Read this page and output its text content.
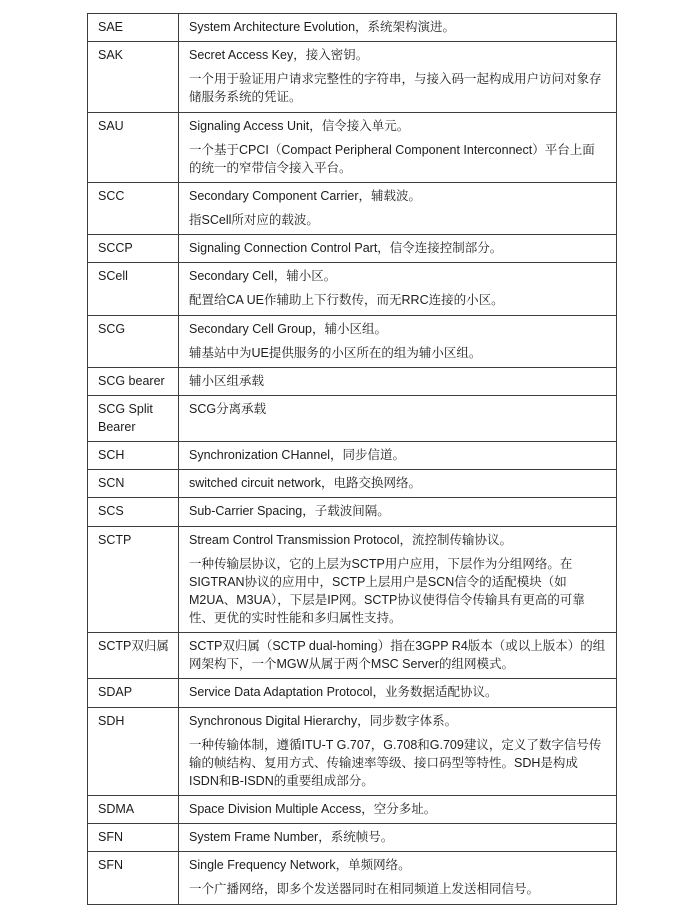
SAE	System Architecture Evolution，系统架构演进。

SAK	Secret Access Key，接入密钥。
一个用于验证用户请求完整性的字符串，与接入码一起构成用户访问对象存储服务系统的凭证。

SAU	Signaling Access Unit，信令接入单元。
一个基于CPCI（Compact Peripheral Component Interconnect）平台上面的统一的窄带信令接入平台。

SCC	Secondary Component Carrier，辅载波。
指SCell所对应的载波。

SCCP	Signaling Connection Control Part，信令连接控制部分。

SCell	Secondary Cell，辅小区。
配置给CA UE作辅助上下行数传，而无RRC连接的小区。

SCG	Secondary Cell Group，辅小区组。
辅基站中为UE提供服务的小区所在的组为辅小区组。

SCG bearer	辅小区组承载

SCG Split Bearer	SCG分离承载

SCH	Synchronization CHannel，同步信道。

SCN	switched circuit network，电路交换网络。

SCS	Sub-Carrier Spacing，子载波间隔。

SCTP	Stream Control Transmission Protocol，流控制传输协议。
一种传输层协议，它的上层为SCTP用户应用，下层作为分组网络。在SIGTRAN协议的应用中，SCTP上层用户是SCN信令的适配模块（如M2UA、M3UA），下层是IP网。SCTP协议使得信令传输具有更高的可靠性、更优的实时性能和多归属性支持。

SCTP双归属	SCTP双归属（SCTP dual-homing）指在3GPP R4版本（或以上版本）的组网架构下，一个MGW从属于两个MSC Server的组网模式。

SDAP	Service Data Adaptation Protocol，业务数据适配协议。

SDH	Synchronous Digital Hierarchy，同步数字体系。
一种传输体制，遵循ITU-T G.707，G.708和G.709建议，定义了数字信号传输的帧结构、复用方式、传输速率等级、接口码型等特性。SDH是构成ISDN和B-ISDN的重要组成部分。

SDMA	Space Division Multiple Access，空分多址。

SFN	System Frame Number，系统帧号。

SFN	Single Frequency Network，单频网络。
一个广播网络，即多个发送器同时在相同频道上发送相同信号。
